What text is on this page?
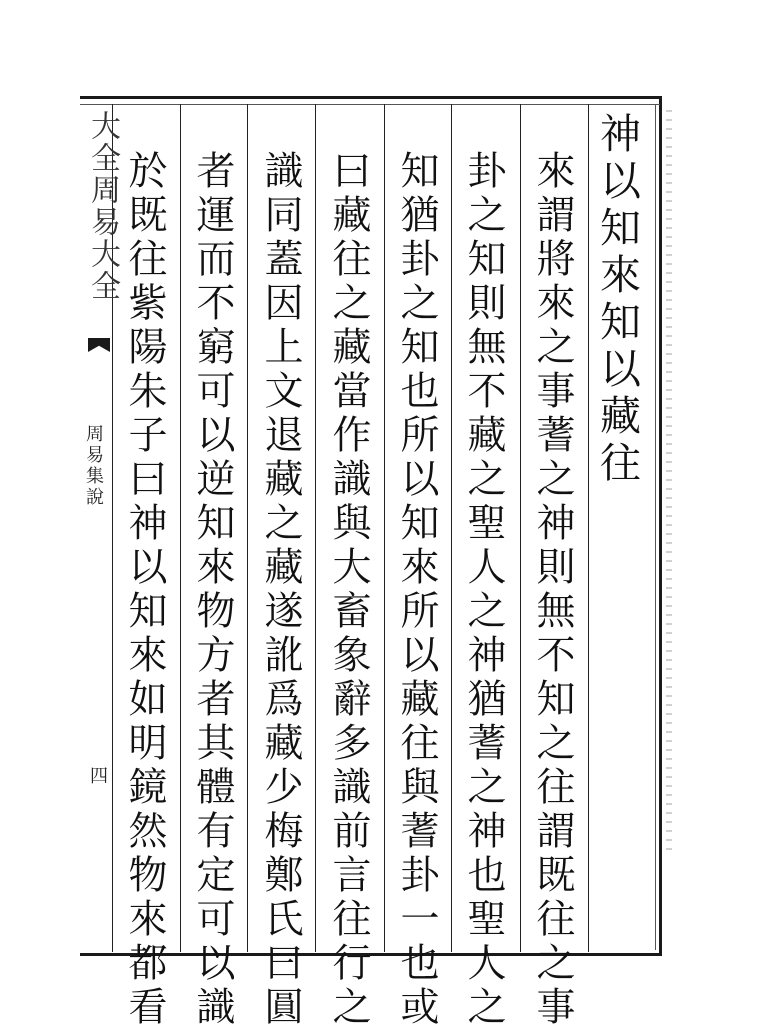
大全周易大全
周易集說
四
神以知來知以藏往
來謂將來之事蓍之神則無不知之往謂既往之事
卦之知則無不藏之聖人之神猶蓍之神也聖人之
知猶卦之知也所以知來所以藏往與蓍卦一也或
曰藏往之藏當作識與大畜象辭多識前言往行之
識同蓋因上文退藏之藏遂訛爲藏少梅鄭氏曰圓
者運而不窮可以逆知來物方者其體有定可以識
於既往紫陽朱子曰神以知來如明鏡然物來都看
